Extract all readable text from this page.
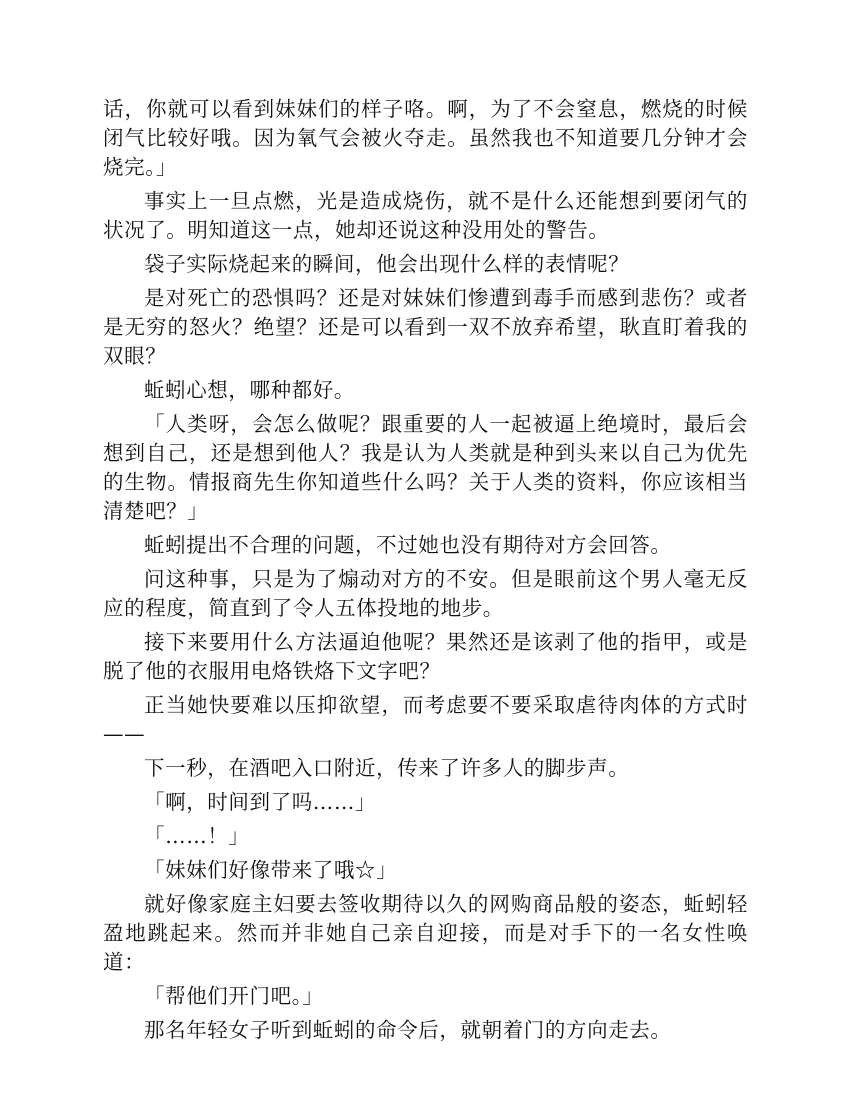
话，你就可以看到妹妹们的样子咯。啊，为了不会窒息，燃烧的时候闭气比较好哦。因为氧气会被火夺走。虽然我也不知道要几分钟才会烧完。」

事实上一旦点燃，光是造成烧伤，就不是什么还能想到要闭气的状况了。明知道这一点，她却还说这种没用处的警告。

袋子实际烧起来的瞬间，他会出现什么样的表情呢？

是对死亡的恐惧吗？还是对妹妹们惨遭到毒手而感到悲伤？或者是无穷的怒火？绝望？还是可以看到一双不放弃希望，耿直盯着我的双眼？

蚯蚓心想，哪种都好。

「人类呀，会怎么做呢？跟重要的人一起被逼上绝境时，最后会想到自己，还是想到他人？我是认为人类就是种到头来以自己为优先的生物。情报商先生你知道些什么吗？关于人类的资料，你应该相当清楚吧？」

蚯蚓提出不合理的问题，不过她也没有期待对方会回答。

问这种事，只是为了煽动对方的不安。但是眼前这个男人毫无反应的程度，简直到了令人五体投地的地步。

接下来要用什么方法逼迫他呢？果然还是该剥了他的指甲，或是脱了他的衣服用电烙铁烙下文字吧？

正当她快要难以压抑欲望，而考虑要不要采取虐待肉体的方式时——

下一秒，在酒吧入口附近，传来了许多人的脚步声。

「啊，时间到了吗……」

「……！」

「妹妹们好像带来了哦☆」

就好像家庭主妇要去签收期待以久的网购商品般的姿态，蚯蚓轻盈地跳起来。然而并非她自己亲自迎接，而是对手下的一名女性唤道：

「帮他们开门吧。」

那名年轻女子听到蚯蚓的命令后，就朝着门的方向走去。
